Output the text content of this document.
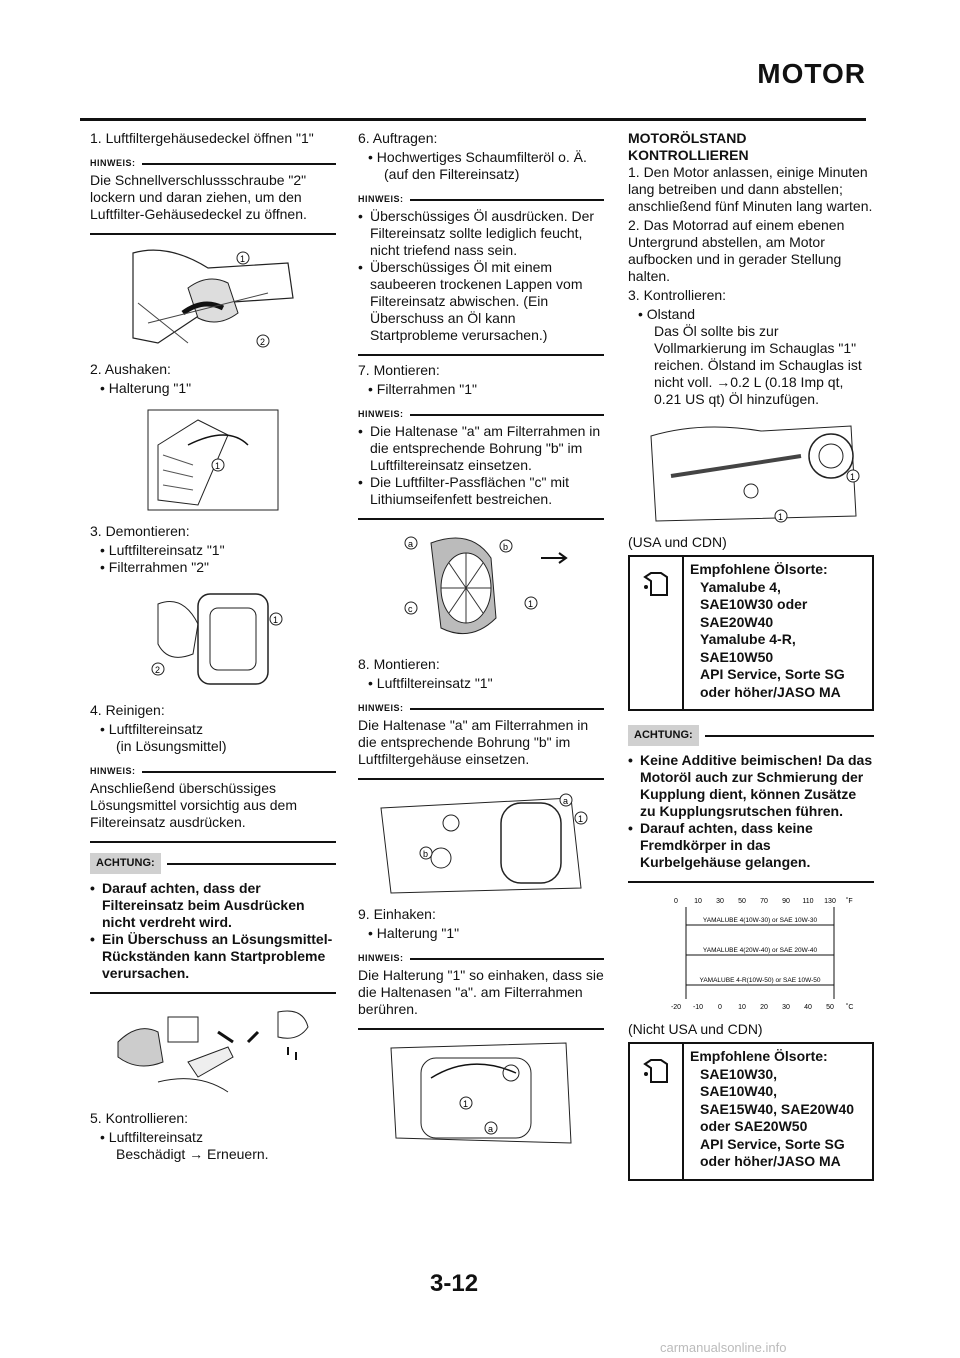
MOTOR

1. Luftfiltergehäusedeckel öffnen "1"

HINWEIS:

Die Schnellverschlussschraube "2" lockern und daran ziehen, um den Luftfilter-Gehäusedeckel zu öffnen.

1
2

2. Aushaken:

• Halterung "1"

1

3. Demontieren:

• Luftfiltereinsatz "1"

• Filterrahmen "2"

1
2

4. Reinigen:

• Luftfiltereinsatz

(in Lösungsmittel)

HINWEIS:

Anschließend überschüssiges Lösungsmittel vorsichtig aus dem Filtereinsatz ausdrücken.

ACHTUNG:
• Darauf achten, dass der Filtereinsatz beim Ausdrücken nicht verdreht wird.
• Ein Überschuss an Lösungsmittel-Rückständen kann Startprobleme verursachen.

5. Kontrollieren:

• Luftfiltereinsatz

Beschädigt → Erneuern.

6. Auftragen:

• Hochwertiges Schaumfilteröl o. Ä.

(auf den Filtereinsatz)

HINWEIS:
• Überschüssiges Öl ausdrücken. Der Filtereinsatz sollte lediglich feucht, nicht triefend nass sein.
• Überschüssiges Öl mit einem saubeeren trockenen Lappen vom Filtereinsatz abwischen. (Ein Überschuss an Öl kann Startprobleme verursachen.)

7. Montieren:

• Filterrahmen "1"

HINWEIS:
• Die Haltenase "a" am Filterrahmen in die entsprechende Bohrung "b" im Luftfiltereinsatz einsetzen.
• Die Luftfilter-Passflächen "c" mit Lithiumseifenfett bestreichen.
a	b
c	1

8. Montieren:

• Luftfiltereinsatz "1"

HINWEIS:

Die Haltenase "a" am Filterrahmen in die entsprechende Bohrung "b" im Luftfiltergehäuse einsetzen.

a
1
b

9. Einhaken:

• Halterung "1"

HINWEIS:

Die Halterung "1" so einhaken, dass sie die Haltenasen "a". am Filterrahmen berühren.

1
a

MOTORÖLSTAND

KONTROLLIEREN

1. Den Motor anlassen, einige Minuten lang betreiben und dann abstellen; anschließend fünf Minuten lang warten.

2. Das Motorrad auf einem ebenen Untergrund abstellen, am Motor aufbocken und in gerader Stellung halten.

3. Kontrollieren:

• Olstand

Das Öl sollte bis zur Vollmarkierung im Schauglas "1" reichen. Ölstand im Schauglas ist nicht voll. →0.2 L (0.18 Imp qt, 0.21 US qt) Öl hinzufügen.

1
1

(USA und CDN)

Empfohlene Ölsorte:
Yamalube 4,
SAE10W30 oder
SAE20W40
Yamalube 4-R,
SAE10W50
API Service, Sorte SG
oder höher/JASO MA
ACHTUNG:
• Keine Additive beimischen! Da das Motoröl auch zur Schmierung der Kupplung dient, können Zusätze zu Kupplungsrutschen führen.
• Darauf achten, dass keine Fremdkörper in das Kurbelgehäuse gelangen.
0 10 30 50 70 90 110 130 ˚F
-20 -10 0 10 20 30 40 50 ˚C
YAMALUBE 4(10W-30) or SAE 10W-30
YAMALUBE 4(20W-40) or SAE 20W-40
YAMALUBE 4-R(10W-50) or SAE 10W-50

(Nicht USA und CDN)

Empfohlene Ölsorte:
SAE10W30,
SAE10W40,
SAE15W40, SAE20W40
oder SAE20W50
API Service, Sorte SG
oder höher/JASO MA
3-12
carmanualsonline.info
